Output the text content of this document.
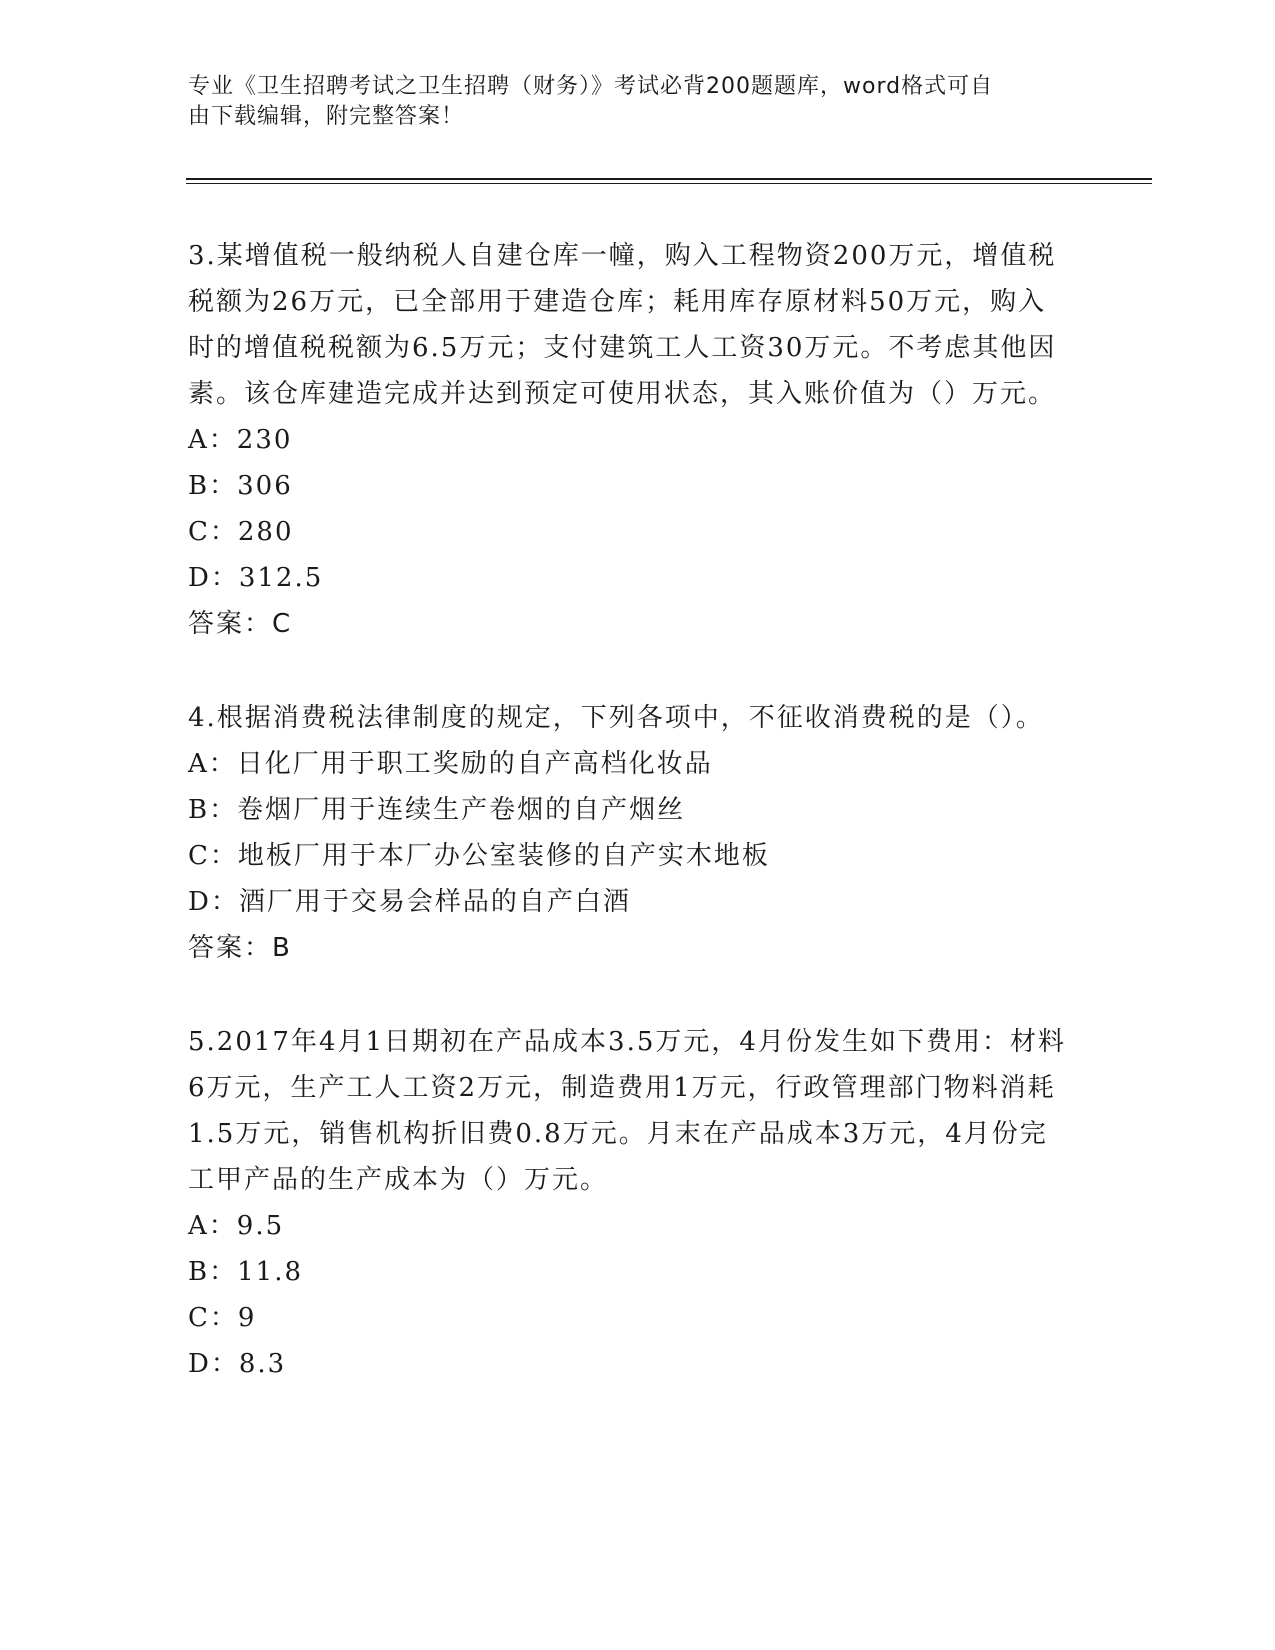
专业《卫生招聘考试之卫生招聘（财务）》考试必背200题题库，word格式可自
由下载编辑，附完整答案！
3.某增值税一般纳税人自建仓库一幢，购入工程物资200万元，增值税税额为26万元，已全部用于建造仓库；耗用库存原材料50万元，购入时的增值税税额为6.5万元；支付建筑工人工资30万元。不考虑其他因素。该仓库建造完成并达到预定可使用状态，其入账价值为（）万元。
A：230
B：306
C：280
D：312.5
答案：C
4.根据消费税法律制度的规定，下列各项中，不征收消费税的是（）。
A：日化厂用于职工奖励的自产高档化妆品
B：卷烟厂用于连续生产卷烟的自产烟丝
C：地板厂用于本厂办公室装修的自产实木地板
D：酒厂用于交易会样品的自产白酒
答案：B
5.2017年4月1日期初在产品成本3.5万元，4月份发生如下费用：材料6万元，生产工人工资2万元，制造费用1万元，行政管理部门物料消耗1.5万元，销售机构折旧费0.8万元。月末在产品成本3万元，4月份完工甲产品的生产成本为（）万元。
A：9.5
B：11.8
C：9
D：8.3
